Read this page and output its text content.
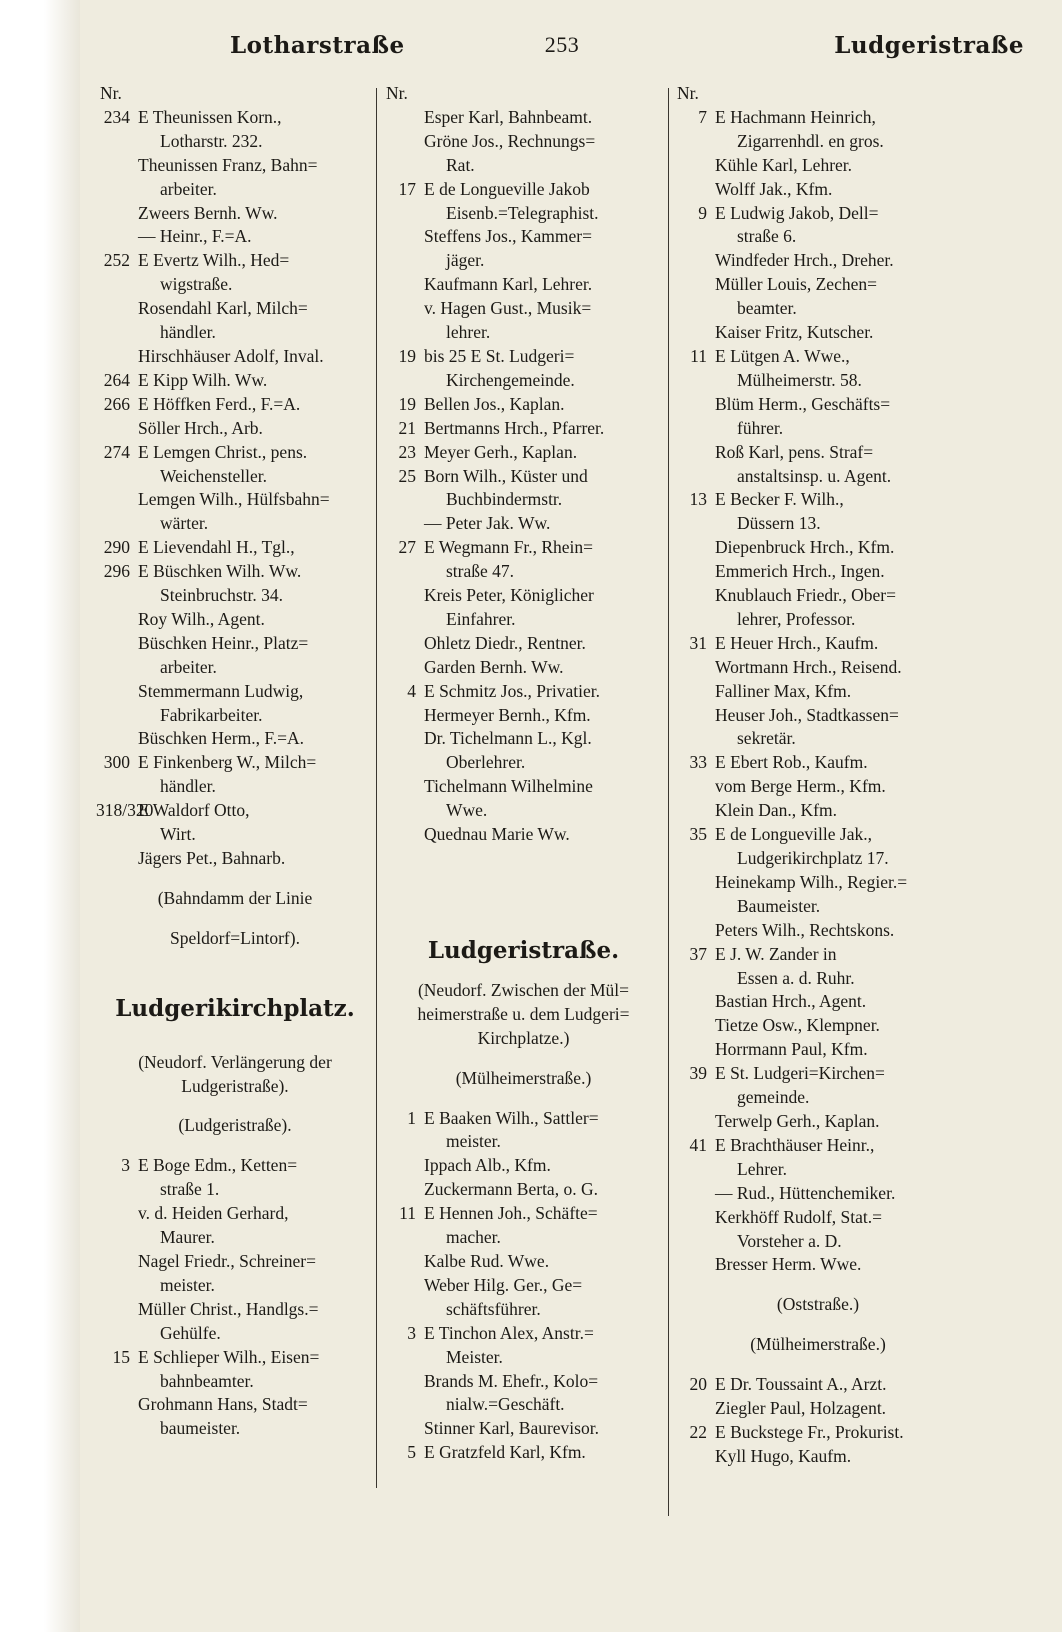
Lotharstraße	253	Ludgeristraße
Nr.
234 E Theunissen Korn.,
Lotharstr. 232.
Theunissen Franz, Bahn=
arbeiter.
Zweers Bernh. Ww.
— Heinr., F.=A.
252 E Evertz Wilh., Hed=
wigstraße.
Rosendahl Karl, Milch=
händler.
Hirschhäuser Adolf, Inval.
264 E Kipp Wilh. Ww.
266 E Höffken Ferd., F.=A.
Söller Hrch., Arb.
274 E Lemgen Christ., pens.
Weichensteller.
Lemgen Wilh., Hülfsbahn=
wärter.
290 E Lievendahl H., Tgl.,
296 E Büschken Wilh. Ww.
Steinbruchstr. 34.
Roy Wilh., Agent.
Büschken Heinr., Platz=
arbeiter.
Stemmermann Ludwig,
Fabrikarbeiter.
Büschken Herm., F.=A.
300 E Finkenberg W., Milch=
händler.
318/320
E Waldorf Otto,
Wirt.
Jägers Pet., Bahnarb.
(Bahndamm der Linie
Speldorf=Lintorf).
Ludgerikirchplatz.
(Neudorf. Verlängerung der
Ludgeristraße).
(Ludgeristraße).
3 E Boge Edm., Ketten=
straße 1.
v. d. Heiden Gerhard,
Maurer.
Nagel Friedr., Schreiner=
meister.
Müller Christ., Handlgs.=
Gehülfe.
15 E Schlieper Wilh., Eisen=
bahnbeamter.
Grohmann Hans, Stadt=
baumeister.
Nr.
Esper Karl, Bahnbeamt.
Gröne Jos., Rechnungs=
Rat.
17 E de Longueville Jakob
Eisenb.=Telegraphist.
Steffens Jos., Kammer=
jäger.
Kaufmann Karl, Lehrer.
v. Hagen Gust., Musik=
lehrer.
19 bis 25 E St. Ludgeri=
Kirchengemeinde.
19 Bellen Jos., Kaplan.
21 Bertmanns Hrch., Pfarrer.
23 Meyer Gerh., Kaplan.
25 Born Wilh., Küster und
Buchbindermstr.
— Peter Jak. Ww.
27 E Wegmann Fr., Rhein=
straße 47.
Kreis Peter, Königlicher
Einfahrer.
Ohletz Diedr., Rentner.
Garden Bernh. Ww.
4 E Schmitz Jos., Privatier.
Hermeyer Bernh., Kfm.
Dr. Tichelmann L., Kgl.
Oberlehrer.
Tichelmann Wilhelmine
Wwe.
Quednau Marie Ww.
Ludgeristraße.
(Neudorf. Zwischen der Mül=
heimerstraße u. dem Ludgeri=
Kirchplatze.)
(Mülheimerstraße.)
1 E Baaken Wilh., Sattler=
meister.
Ippach Alb., Kfm.
Zuckermann Berta, o. G.
11 E Hennen Joh., Schäfte=
macher.
Kalbe Rud. Wwe.
Weber Hilg. Ger., Ge=
schäftsführer.
3 E Tinchon Alex, Anstr.=
Meister.
Brands M. Ehefr., Kolo=
nialw.=Geschäft.
Stinner Karl, Baurevisor.
5 E Gratzfeld Karl, Kfm.
Nr.
7 E Hachmann Heinrich,
Zigarrenhdl. en gros.
Kühle Karl, Lehrer.
Wolff Jak., Kfm.
9 E Ludwig Jakob, Dell=
straße 6.
Windfeder Hrch., Dreher.
Müller Louis, Zechen=
beamter.
Kaiser Fritz, Kutscher.
11 E Lütgen A. Wwe.,
Mülheimerstr. 58.
Blüm Herm., Geschäfts=
führer.
Roß Karl, pens. Straf=
anstaltsinsp. u. Agent.
13 E Becker F. Wilh.,
Düssern 13.
Diepenbruck Hrch., Kfm.
Emmerich Hrch., Ingen.
Knublauch Friedr., Ober=
lehrer, Professor.
31 E Heuer Hrch., Kaufm.
Wortmann Hrch., Reisend.
Falliner Max, Kfm.
Heuser Joh., Stadtkassen=
sekretär.
33 E Ebert Rob., Kaufm.
vom Berge Herm., Kfm.
Klein Dan., Kfm.
35 E de Longueville Jak.,
Ludgerikirchplatz 17.
Heinekamp Wilh., Regier.=
Baumeister.
Peters Wilh., Rechtskons.
37 E J. W. Zander in
Essen a. d. Ruhr.
Bastian Hrch., Agent.
Tietze Osw., Klempner.
Horrmann Paul, Kfm.
39 E St. Ludgeri=Kirchen=
gemeinde.
Terwelp Gerh., Kaplan.
41 E Brachthäuser Heinr.,
Lehrer.
— Rud., Hüttenchemiker.
Kerkhöff Rudolf, Stat.=
Vorsteher a. D.
Bresser Herm. Wwe.
(Oststraße.)
(Mülheimerstraße.)
20 E Dr. Toussaint A., Arzt.
Ziegler Paul, Holzagent.
22 E Buckstege Fr., Prokurist.
Kyll Hugo, Kaufm.
